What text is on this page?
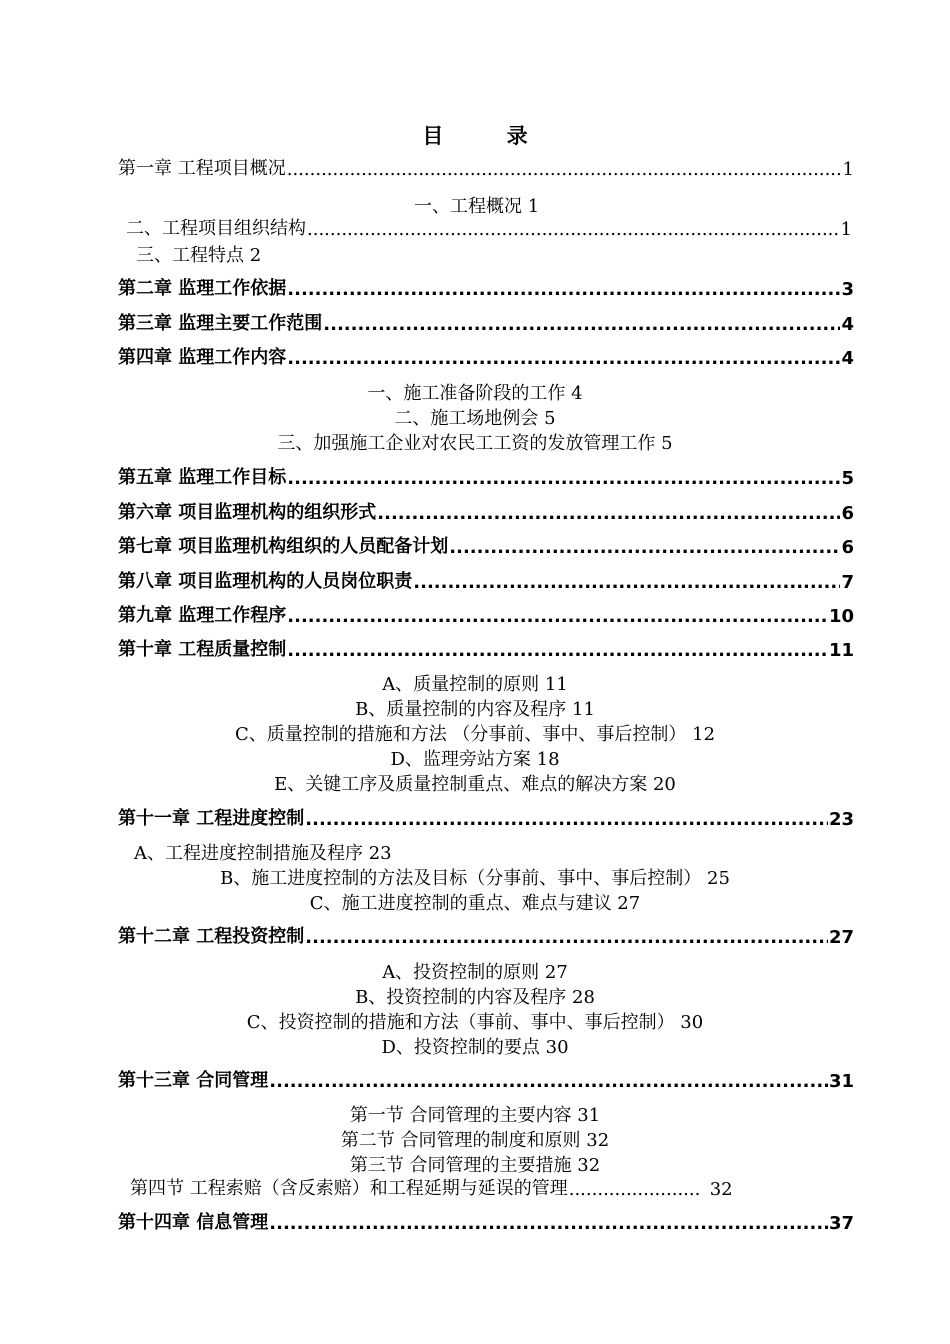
目 录
第一章 工程项目概况 .....	1
一、工程概况 1
二、工程项目组织结构 .....	1
三、工程特点 2
第二章 监理工作依据 .....	3
第三章 监理主要工作范围 .....	4
第四章 监理工作内容 .....	4
一、施工准备阶段的工作 4
二、施工场地例会 5
三、加强施工企业对农民工工资的发放管理工作 5
第五章 监理工作目标 .....	5
第六章 项目监理机构的组织形式 .....	6
第七章 项目监理机构组织的人员配备计划 .....	6
第八章 项目监理机构的人员岗位职责 .....	7
第九章 监理工作程序 .....	10
第十章 工程质量控制 .....	11
A、质量控制的原则 11
B、质量控制的内容及程序 11
C、质量控制的措施和方法 （分事前、事中、事后控制） 12
D、监理旁站方案 18
E、关键工序及质量控制重点、难点的解决方案 20
第十一章 工程进度控制 .....	23
A、工程进度控制措施及程序 23
B、施工进度控制的方法及目标（分事前、事中、事后控制） 25
C、施工进度控制的重点、难点与建议 27
第十二章 工程投资控制 .....	27
A、投资控制的原则 27
B、投资控制的内容及程序 28
C、投资控制的措施和方法（事前、事中、事后控制） 30
D、投资控制的要点 30
第十三章 合同管理 .....	31
第一节 合同管理的主要内容 31
第二节 合同管理的制度和原则 32
第三节 合同管理的主要措施 32
第四节 工程索赔（含反索赔）和工程延期与延误的管理 .....	32
第十四章 信息管理 .....	37
